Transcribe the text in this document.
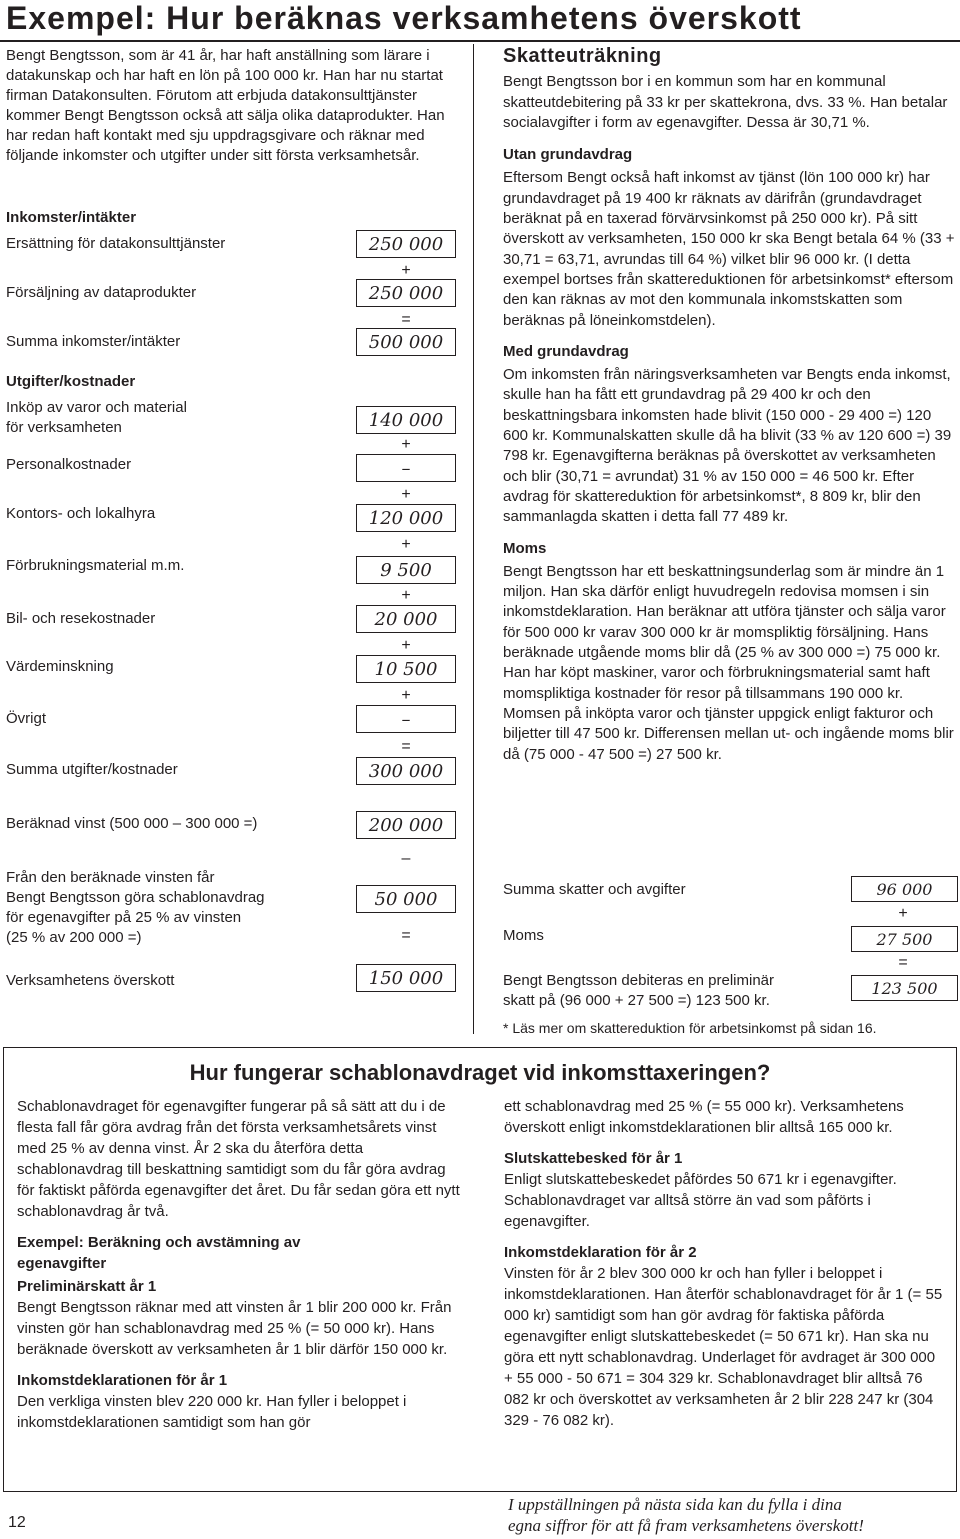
Exempel: Hur beräknas verksamhetens överskott

Bengt Bengtsson, som är 41 år, har haft anställning som lärare i datakunskap och har haft en lön på 100 000 kr. Han har nu startat firman Datakonsulten. Förutom att erbjuda datakonsulttjänster kommer Bengt Bengtsson också att sälja olika dataprodukter. Han har redan haft kontakt med sju uppdragsgivare och räknar med följande inkomster och utgifter under sitt första verksamhetsår.

Inkomster/intäkter
Ersättning för datakonsulttjänster	250 000
+
Försäljning av dataprodukter	250 000
=
Summa inkomster/intäkter	500 000
Utgifter/kostnader
Inköp av varor och material
för verksamheten	140 000
+
Personalkostnader	–
+
Kontors- och lokalhyra	120 000
+
Förbrukningsmaterial m.m.	9 500
+
Bil- och resekostnader	20 000
+
Värdeminskning	10 500
+
Övrigt	–
=
Summa utgifter/kostnader	300 000
Beräknad vinst (500 000 – 300 000 =)	200 000
–
Från den beräknade vinsten får
Bengt Bengtsson göra schablonavdrag
för egenavgifter på 25 % av vinsten
(25 % av 200 000 =)
50 000
=
Verksamhetens överskott	150 000
Skatteuträkning

Bengt Bengtsson bor i en kommun som har en kommunal skatteutdebitering på 33 kr per skattekrona, dvs. 33 %. Han betalar socialavgifter i form av egenavgifter. Dessa är 30,71 %.

Utan grundavdrag

Eftersom Bengt också haft inkomst av tjänst (lön 100 000 kr) har grundavdraget på 19 400 kr räknats av därifrån (grundavdraget beräknat på en taxerad förvärvsinkomst på 250 000 kr). På sitt överskott av verksamheten, 150 000 kr ska Bengt betala 64 % (33 + 30,71 = 63,71, avrundas till 64 %) vilket blir 96 000 kr. (I detta exempel bortses från skattereduktionen för arbetsinkomst* eftersom den kan räknas av mot den kommunala inkomstskatten som beräknas på löneinkomstdelen).

Med grundavdrag

Om inkomsten från näringsverksamheten var Bengts enda inkomst, skulle han ha fått ett grundavdrag på 29 400 kr och den beskattningsbara inkomsten hade blivit (150 000 - 29 400 =) 120 600 kr. Kommunalskatten skulle då ha blivit (33 % av 120 600 =) 39 798 kr. Egenavgifterna beräknas på överskottet av verksamheten och blir (30,71 = avrundat) 31 % av 150 000 = 46 500 kr. Efter avdrag för skattereduktion för arbetsinkomst*, 8 809 kr, blir den sammanlagda skatten i detta fall 77 489 kr.

Moms

Bengt Bengtsson har ett beskattningsunderlag som är mindre än 1 miljon. Han ska därför enligt huvudregeln redovisa momsen i sin inkomstdeklaration. Han beräknar att utföra tjänster och sälja varor för 500 000 kr varav 300 000 kr är momspliktig försäljning. Hans beräknade utgående moms blir då (25 % av 300 000 =) 75 000 kr. Han har köpt maskiner, varor och förbrukningsmaterial samt haft momspliktiga kostnader för resor på tillsammans 190 000 kr. Momsen på inköpta varor och tjänster uppgick enligt fakturor och biljetter till 47 500 kr. Differensen mellan ut- och ingående moms blir då (75 000 - 47 500 =) 27 500 kr.

Summa skatter och avgifter	96 000
+
Moms	27 500
=
Bengt Bengtsson debiteras en preliminär
skatt på (96 000 + 27 500 =) 123 500 kr.
123 500
* Läs mer om skattereduktion för arbetsinkomst på sidan 16.
Hur fungerar schablonavdraget vid inkomsttaxeringen?

Schablonavdraget för egenavgifter fungerar på så sätt att du i de flesta fall får göra avdrag från det första verksamhetsårets vinst med 25 % av denna vinst. År 2 ska du återföra detta schablonavdrag till beskattning samtidigt som du får göra avdrag för faktiskt påförda egenavgifter det året. Du får sedan göra ett nytt schablonavdrag år två.

Exempel: Beräkning och avstämning av egenavgifter
Preliminärskatt år 1

Bengt Bengtsson räknar med att vinsten år 1 blir 200 000 kr. Från vinsten gör han schablonavdrag med 25 % (= 50 000 kr). Hans beräknade överskott av verksamheten år 1 blir därför 150 000 kr.

Inkomstdeklarationen för år 1

Den verkliga vinsten blev 220 000 kr. Han fyller i beloppet i inkomstdeklarationen samtidigt som han gör

ett schablonavdrag med 25 % (= 55 000 kr). Verksamhetens överskott enligt inkomstdeklarationen blir alltså 165 000 kr.

Slutskattebesked för år 1

Enligt slutskattebeskedet påfördes 50 671 kr i egenavgifter. Schablonavdraget var alltså större än vad som påförts i egenavgifter.

Inkomstdeklaration för år 2

Vinsten för år 2 blev 300 000 kr och han fyller i beloppet i inkomstdeklarationen. Han återför schablonavdraget för år 1 (= 55 000 kr) samtidigt som han gör avdrag för faktiska påförda egenavgifter enligt slutskattebeskedet (= 50 671 kr). Han ska nu göra ett nytt schablonavdrag. Underlaget för avdraget är 300 000 + 55 000 - 50 671 = 304 329 kr. Schablonavdraget blir alltså 76 082 kr och överskottet av verksamheten år 2 blir 228 247 kr (304 329 - 76 082 kr).

I uppställningen på nästa sida kan du fylla i dina
egna siffror för att få fram verksamhetens överskott!
12
